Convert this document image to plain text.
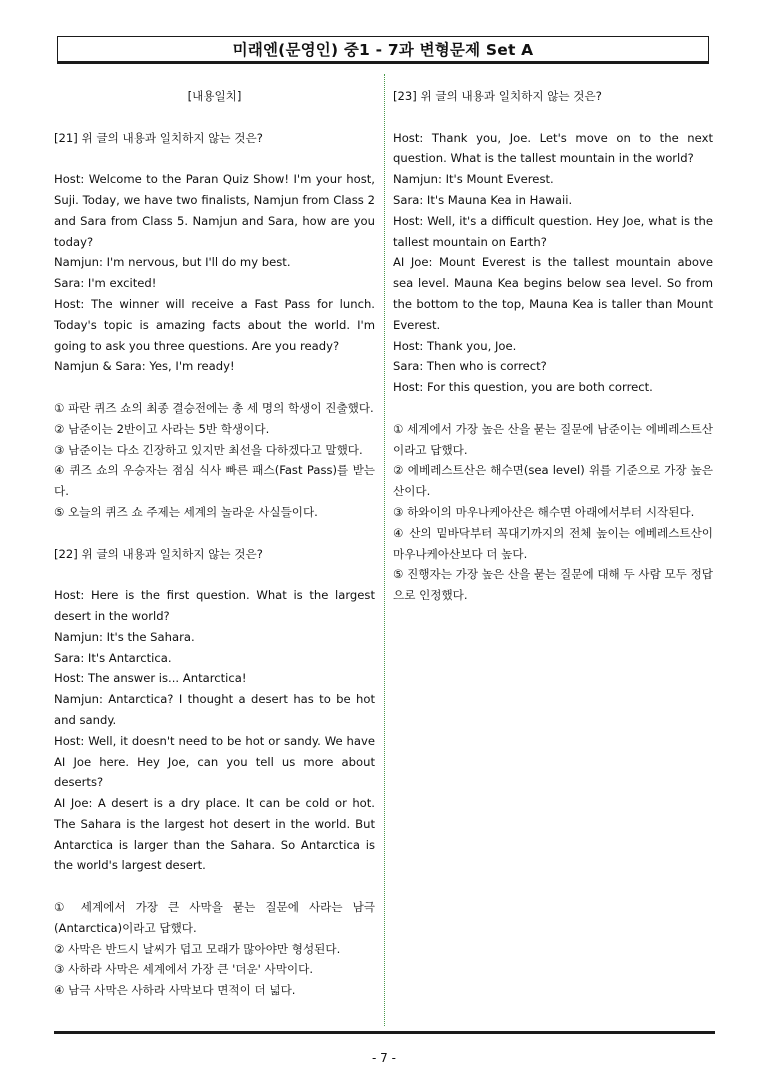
미래엔(문영인) 중1 - 7과 변형문제 Set A

[내용일치]

[21] 위 글의 내용과 일치하지 않는 것은?

Host: Welcome to the Paran Quiz Show! I'm your host, Suji. Today, we have two finalists, Namjun from Class 2 and Sara from Class 5. Namjun and Sara, how are you today?

Namjun: I'm nervous, but I'll do my best.

Sara: I'm excited!

Host: The winner will receive a Fast Pass for lunch. Today's topic is amazing facts about the world. I'm going to ask you three questions. Are you ready?

Namjun & Sara: Yes, I'm ready!

① 파란 퀴즈 쇼의 최종 결승전에는 총 세 명의 학생이 진출했다.

② 남준이는 2반이고 사라는 5반 학생이다.

③ 남준이는 다소 긴장하고 있지만 최선을 다하겠다고 말했다.

④ 퀴즈 쇼의 우승자는 점심 식사 빠른 패스(Fast Pass)를 받는다.

⑤ 오늘의 퀴즈 쇼 주제는 세계의 놀라운 사실들이다.

[22] 위 글의 내용과 일치하지 않는 것은?

Host: Here is the first question. What is the largest desert in the world?

Namjun: It's the Sahara.

Sara: It's Antarctica.

Host: The answer is... Antarctica!

Namjun: Antarctica? I thought a desert has to be hot and sandy.

Host: Well, it doesn't need to be hot or sandy. We have AI Joe here. Hey Joe, can you tell us more about deserts?

AI Joe: A desert is a dry place. It can be cold or hot. The Sahara is the largest hot desert in the world. But Antarctica is larger than the Sahara. So Antarctica is the world's largest desert.

① 세계에서 가장 큰 사막을 묻는 질문에 사라는 남극(Antarctica)이라고 답했다.

② 사막은 반드시 날씨가 덥고 모래가 많아야만 형성된다.

③ 사하라 사막은 세계에서 가장 큰 '더운' 사막이다.

④ 남극 사막은 사하라 사막보다 면적이 더 넓다.

[23] 위 글의 내용과 일치하지 않는 것은?

Host: Thank you, Joe. Let's move on to the next question. What is the tallest mountain in the world?

Namjun: It's Mount Everest.

Sara: It's Mauna Kea in Hawaii.

Host: Well, it's a difficult question. Hey Joe, what is the tallest mountain on Earth?

AI Joe: Mount Everest is the tallest mountain above sea level. Mauna Kea begins below sea level. So from the bottom to the top, Mauna Kea is taller than Mount Everest.

Host: Thank you, Joe.

Sara: Then who is correct?

Host: For this question, you are both correct.

① 세계에서 가장 높은 산을 묻는 질문에 남준이는 에베레스트산이라고 답했다.

② 에베레스트산은 해수면(sea level) 위를 기준으로 가장 높은 산이다.

③ 하와이의 마우나케아산은 해수면 아래에서부터 시작된다.

④ 산의 밑바닥부터 꼭대기까지의 전체 높이는 에베레스트산이 마우나케아산보다 더 높다.

⑤ 진행자는 가장 높은 산을 묻는 질문에 대해 두 사람 모두 정답으로 인정했다.

- 7 -
